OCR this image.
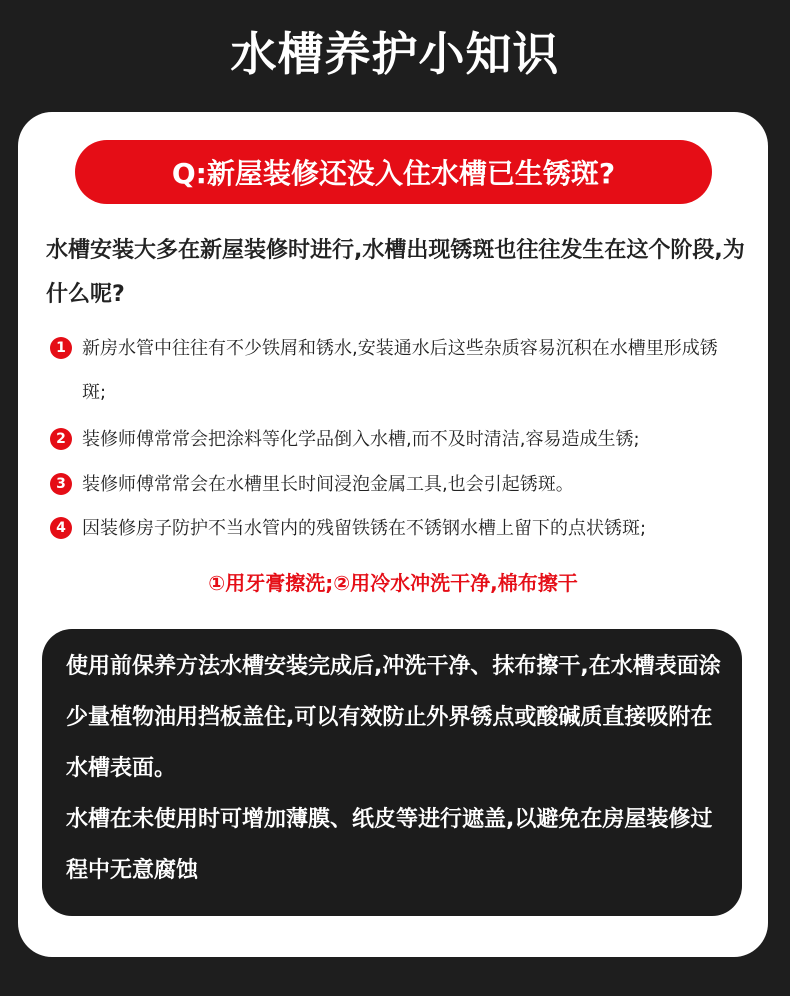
水槽养护小知识
Q:新屋装修还没入住水槽已生锈斑?

水槽安装大多在新屋装修时进行,水槽出现锈斑也往往发生在这个阶段,为什么呢?

1 新房水管中往往有不少铁屑和锈水,安装通水后这些杂质容易沉积在水槽里形成锈斑;
2 装修师傅常常会把涂料等化学品倒入水槽,而不及时清洁,容易造成生锈;
3 装修师傅常常会在水槽里长时间浸泡金属工具,也会引起锈斑。
4 因装修房子防护不当水管内的残留铁锈在不锈钢水槽上留下的点状锈斑;
①用牙膏擦洗;②用冷水冲洗干净,棉布擦干

使用前保养方法水槽安装完成后,冲洗干净、抹布擦干,在水槽表面涂少量植物油用挡板盖住,可以有效防止外界锈点或酸碱质直接吸附在水槽表面。

水槽在未使用时可增加薄膜、纸皮等进行遮盖,以避免在房屋装修过程中无意腐蚀
